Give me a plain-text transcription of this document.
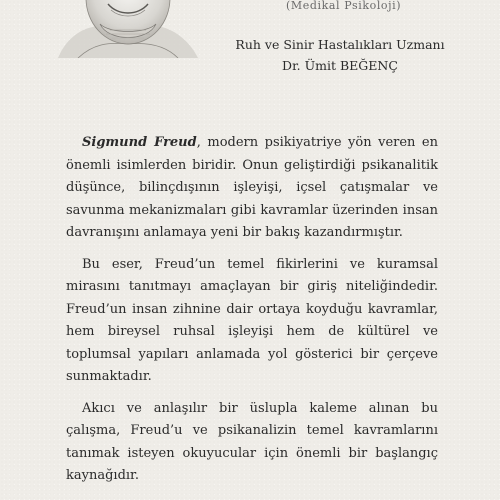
(Medikal Psikoloji)
Ruh ve Sinir Hastalıkları Uzmanı
Dr. Ümit BEĞENÇ

Sigmund Freud, modern psikiyatriye yön veren en önemli isimlerden biridir. Onun geliştirdiği psikanalitik düşünce, bilinçdışının işleyişi, içsel çatışmalar ve savunma mekanizmaları gibi kavramlar üzerinden insan davranışını anlamaya yeni bir bakış kazandırmıştır.

Bu eser, Freud’un temel fikirlerini ve kuramsal mirasını tanıtmayı amaçlayan bir giriş niteliğindedir. Freud’un insan zihnine dair ortaya koyduğu kavramlar, hem bireysel ruhsal işleyişi hem de kültürel ve toplumsal yapıları anlamada yol gösterici bir çerçeve sunmaktadır.

Akıcı ve anlaşılır bir üslupla kaleme alınan bu çalışma, Freud’u ve psikanalizin temel kavramlarını tanımak isteyen okuyucular için önemli bir başlangıç kaynağıdır.
